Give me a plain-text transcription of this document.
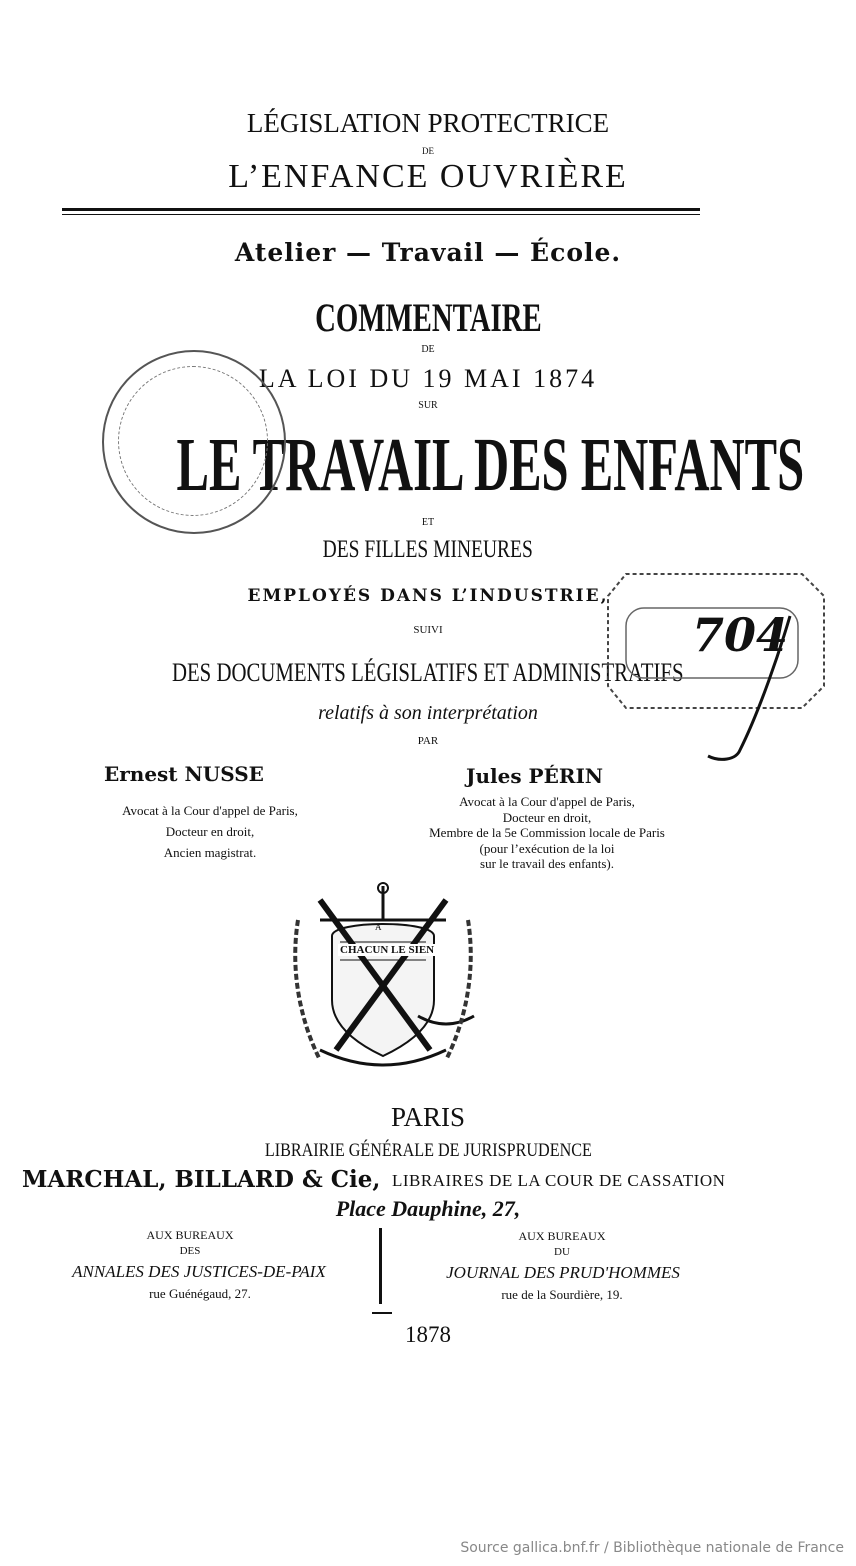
LÉGISLATION PROTECTRICE
DE
L’ENFANCE OUVRIÈRE
Atelier — Travail — École.
COMMENTAIRE
DE
LA LOI DU 19 MAI 1874
SUR
LE TRAVAIL DES ENFANTS
ET
DES FILLES MINEURES
EMPLOYÉS DANS L’INDUSTRIE,
SUIVI
DES DOCUMENTS LÉGISLATIFS ET ADMINISTRATIFS
relatifs à son interprétation
PAR
Ernest NUSSE
Avocat à la Cour d'appel de Paris,
Docteur en droit,
Ancien magistrat.
Jules PÉRIN
Avocat à la Cour d'appel de Paris,
Docteur en droit,
Membre de la 5e Commission locale de Paris
(pour l’exécution de la loi
sur le travail des enfants).
704
A
CHACUN LE SIEN
PARIS
LIBRAIRIE GÉNÉRALE DE JURISPRUDENCE
MARCHAL, BILLARD & Cie, LIBRAIRES DE LA COUR DE CASSATION
Place Dauphine, 27,
AUX BUREAUX
DES
ANNALES DES JUSTICES-DE-PAIX
rue Guénégaud, 27.
AUX BUREAUX
DU
JOURNAL DES PRUD'HOMMES
rue de la Sourdière, 19.
1878
Source gallica.bnf.fr / Bibliothèque nationale de France
